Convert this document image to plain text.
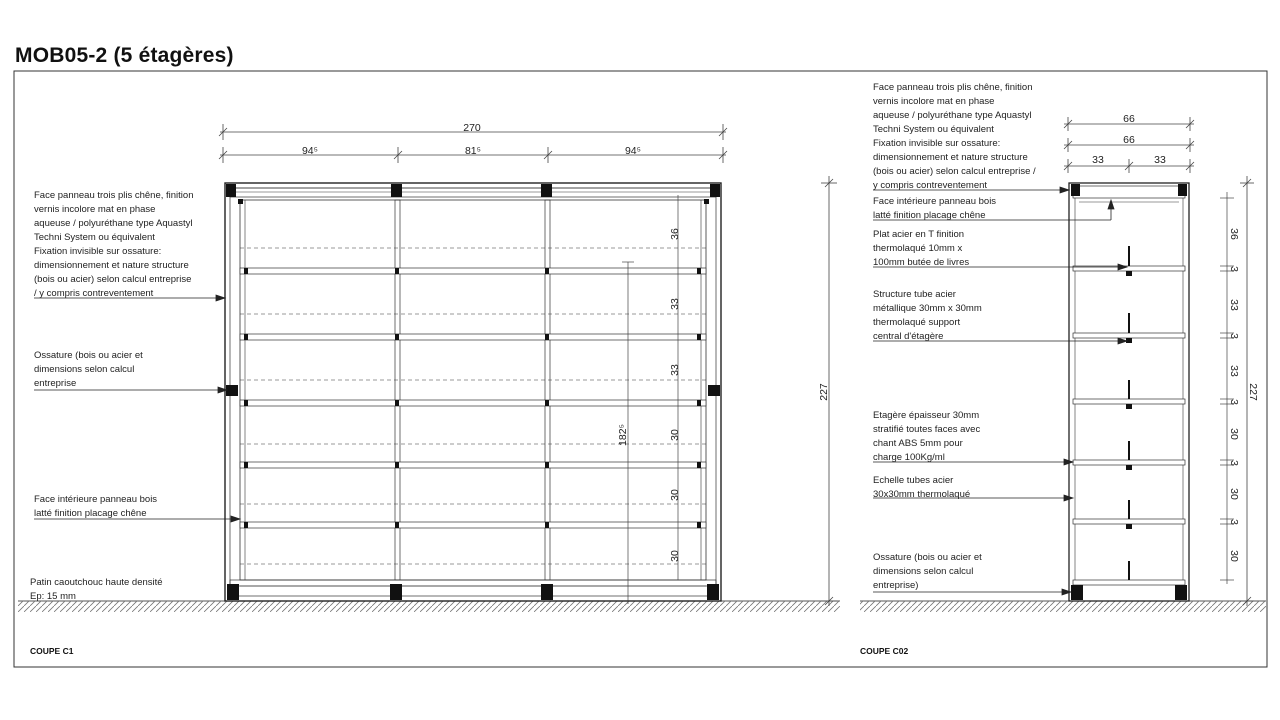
MOB05-2 (5 étagères)
270
94⁵	81⁵	94⁵
36
33
33
30
30
30
182⁵
227
Face panneau trois plis chêne, finition
vernis incolore mat en phase
aqueuse / polyuréthane type Aquastyl
Techni System ou équivalent
Fixation invisible sur ossature:
dimensionnement et nature structure
(bois ou acier) selon calcul entreprise
/ y compris contreventement
Ossature (bois ou acier et
dimensions selon calcul
entreprise
Face intérieure panneau bois
latté finition placage chêne
Patin caoutchouc haute densité
Ep: 15 mm
COUPE C1
66
66
33	33
36
3
33
3
33
3
30
3
30
3
30
227
Face panneau trois plis chêne, finition
vernis incolore mat en phase
aqueuse / polyuréthane type Aquastyl
Techni System ou équivalent
Fixation invisible sur ossature:
dimensionnement et nature structure
(bois ou acier) selon calcul entreprise /
y compris contreventement
Face intérieure panneau bois
latté finition placage chêne
Plat acier en T finition
thermolaqué 10mm x
100mm butée de livres
Structure tube acier
métallique 30mm x 30mm
thermolaqué support
central d'étagère
Etagère épaisseur 30mm
stratifié toutes faces avec
chant ABS 5mm pour
charge 100Kg/ml
Echelle tubes acier
30x30mm thermolaqué
Ossature (bois ou acier et
dimensions selon calcul
entreprise)
COUPE C02
